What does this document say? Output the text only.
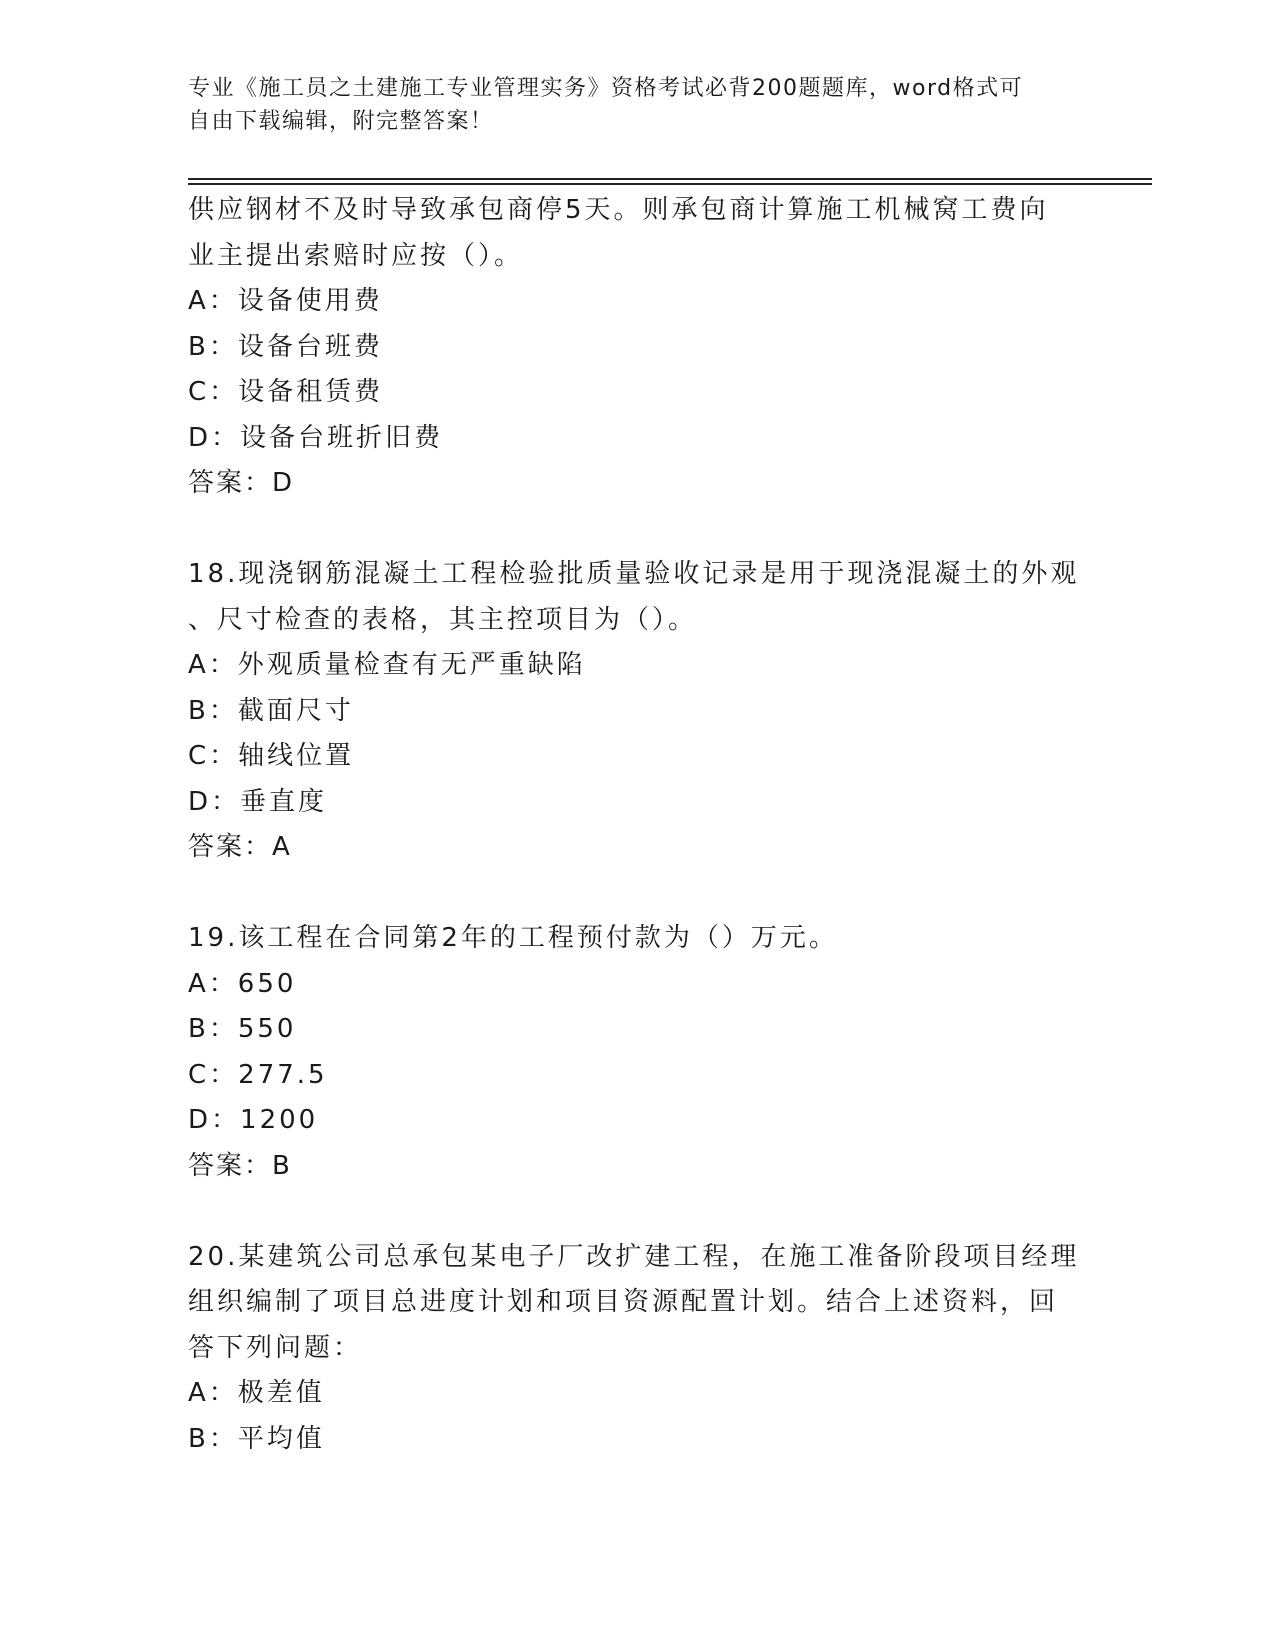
专业《施工员之土建施工专业管理实务》资格考试必背200题题库，word格式可
自由下载编辑，附完整答案！
供应钢材不及时导致承包商停5天。则承包商计算施工机械窝工费向
业主提出索赔时应按（）。
A：设备使用费
B：设备台班费
C：设备租赁费
D：设备台班折旧费
答案：D
18.现浇钢筋混凝土工程检验批质量验收记录是用于现浇混凝土的外观
、尺寸检查的表格，其主控项目为（）。
A：外观质量检查有无严重缺陷
B：截面尺寸
C：轴线位置
D：垂直度
答案：A
19.该工程在合同第2年的工程预付款为（）万元。
A：650
B：550
C：277.5
D：1200
答案：B
20.某建筑公司总承包某电子厂改扩建工程，在施工准备阶段项目经理
组织编制了项目总进度计划和项目资源配置计划。结合上述资料，回
答下列问题：
A：极差值
B：平均值
